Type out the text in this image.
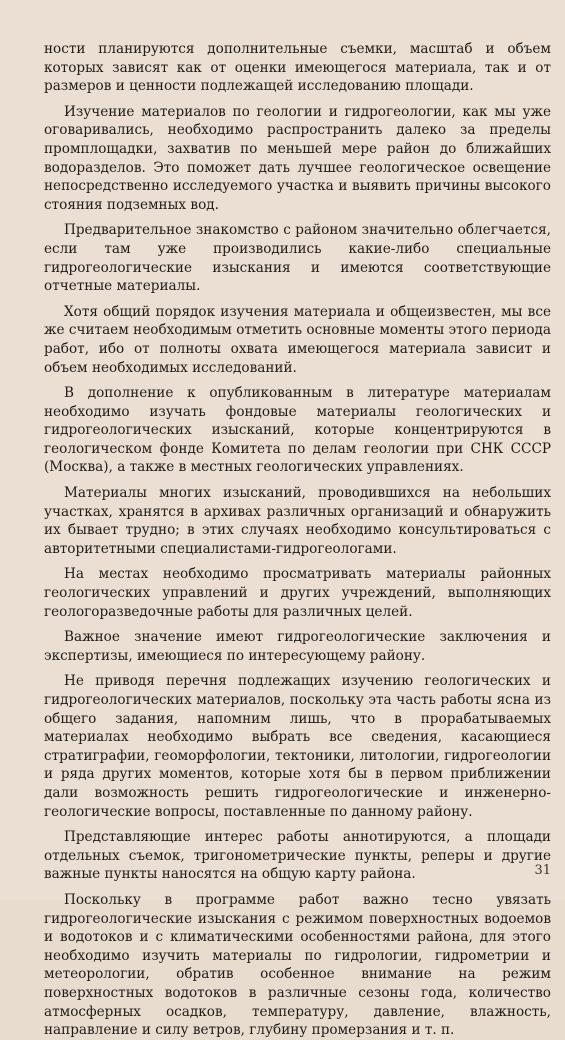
ности планируются дополнительные съемки, масштаб и объем которых зависят как от оценки имеющегося материала, так и от размеров и ценности подлежащей исследованию площади.

Изучение материалов по геологии и гидрогеологии, как мы уже оговаривались, необходимо распространить далеко за пределы промплощадки, захватив по меньшей мере район до ближайших водоразделов. Это поможет дать лучшее геологическое освещение непосредственно исследуемого участка и выявить причины высокого стояния подземных вод.

Предварительное знакомство с районом значительно облегчается, если там уже производились какие-либо специальные гидрогеологические изыскания и имеются соответствующие отчетные материалы.

Хотя общий порядок изучения материала и общеизвестен, мы все же считаем необходимым отметить основные моменты этого периода работ, ибо от полноты охвата имеющегося материала зависит и объем необходимых исследований.

В дополнение к опубликованным в литературе материалам необходимо изучать фондовые материалы геологических и гидрогеологических изысканий, которые концентрируются в геологическом фонде Комитета по делам геологии при СНК СССР (Москва), а также в местных геологических управлениях.

Материалы многих изысканий, проводившихся на небольших участках, хранятся в архивах различных организаций и обнаружить их бывает трудно; в этих случаях необходимо консультироваться с авторитетными специалистами-гидрогеологами.

На местах необходимо просматривать материалы районных геологических управлений и других учреждений, выполняющих геологоразведочные работы для различных целей.

Важное значение имеют гидрогеологические заключения и экспертизы, имеющиеся по интересующему району.

Не приводя перечня подлежащих изучению геологических и гидрогеологических материалов, поскольку эта часть работы ясна из общего задания, напомним лишь, что в прорабатываемых материалах необходимо выбрать все сведения, касающиеся стратиграфии, геоморфологии, тектоники, литологии, гидрогеологии и ряда других моментов, которые хотя бы в первом приближении дали возможность решить гидрогеологические и инженерно-геологические вопросы, поставленные по данному району.

Представляющие интерес работы аннотируются, а площади отдельных съемок, тригонометрические пункты, реперы и другие важные пункты наносятся на общую карту района.

Поскольку в программе работ важно тесно увязать гидрогеологические изыскания с режимом поверхностных водоемов и водотоков и с климатическими особенностями района, для этого необходимо изучить материалы по гидрологии, гидрометрии и метеорологии, обратив особенное внимание на режим поверхностных водотоков в различные сезоны года, количество атмосферных осадков, температуру, давление, влажность, направление и силу ветров, глубину промерзания и т. п.

31
